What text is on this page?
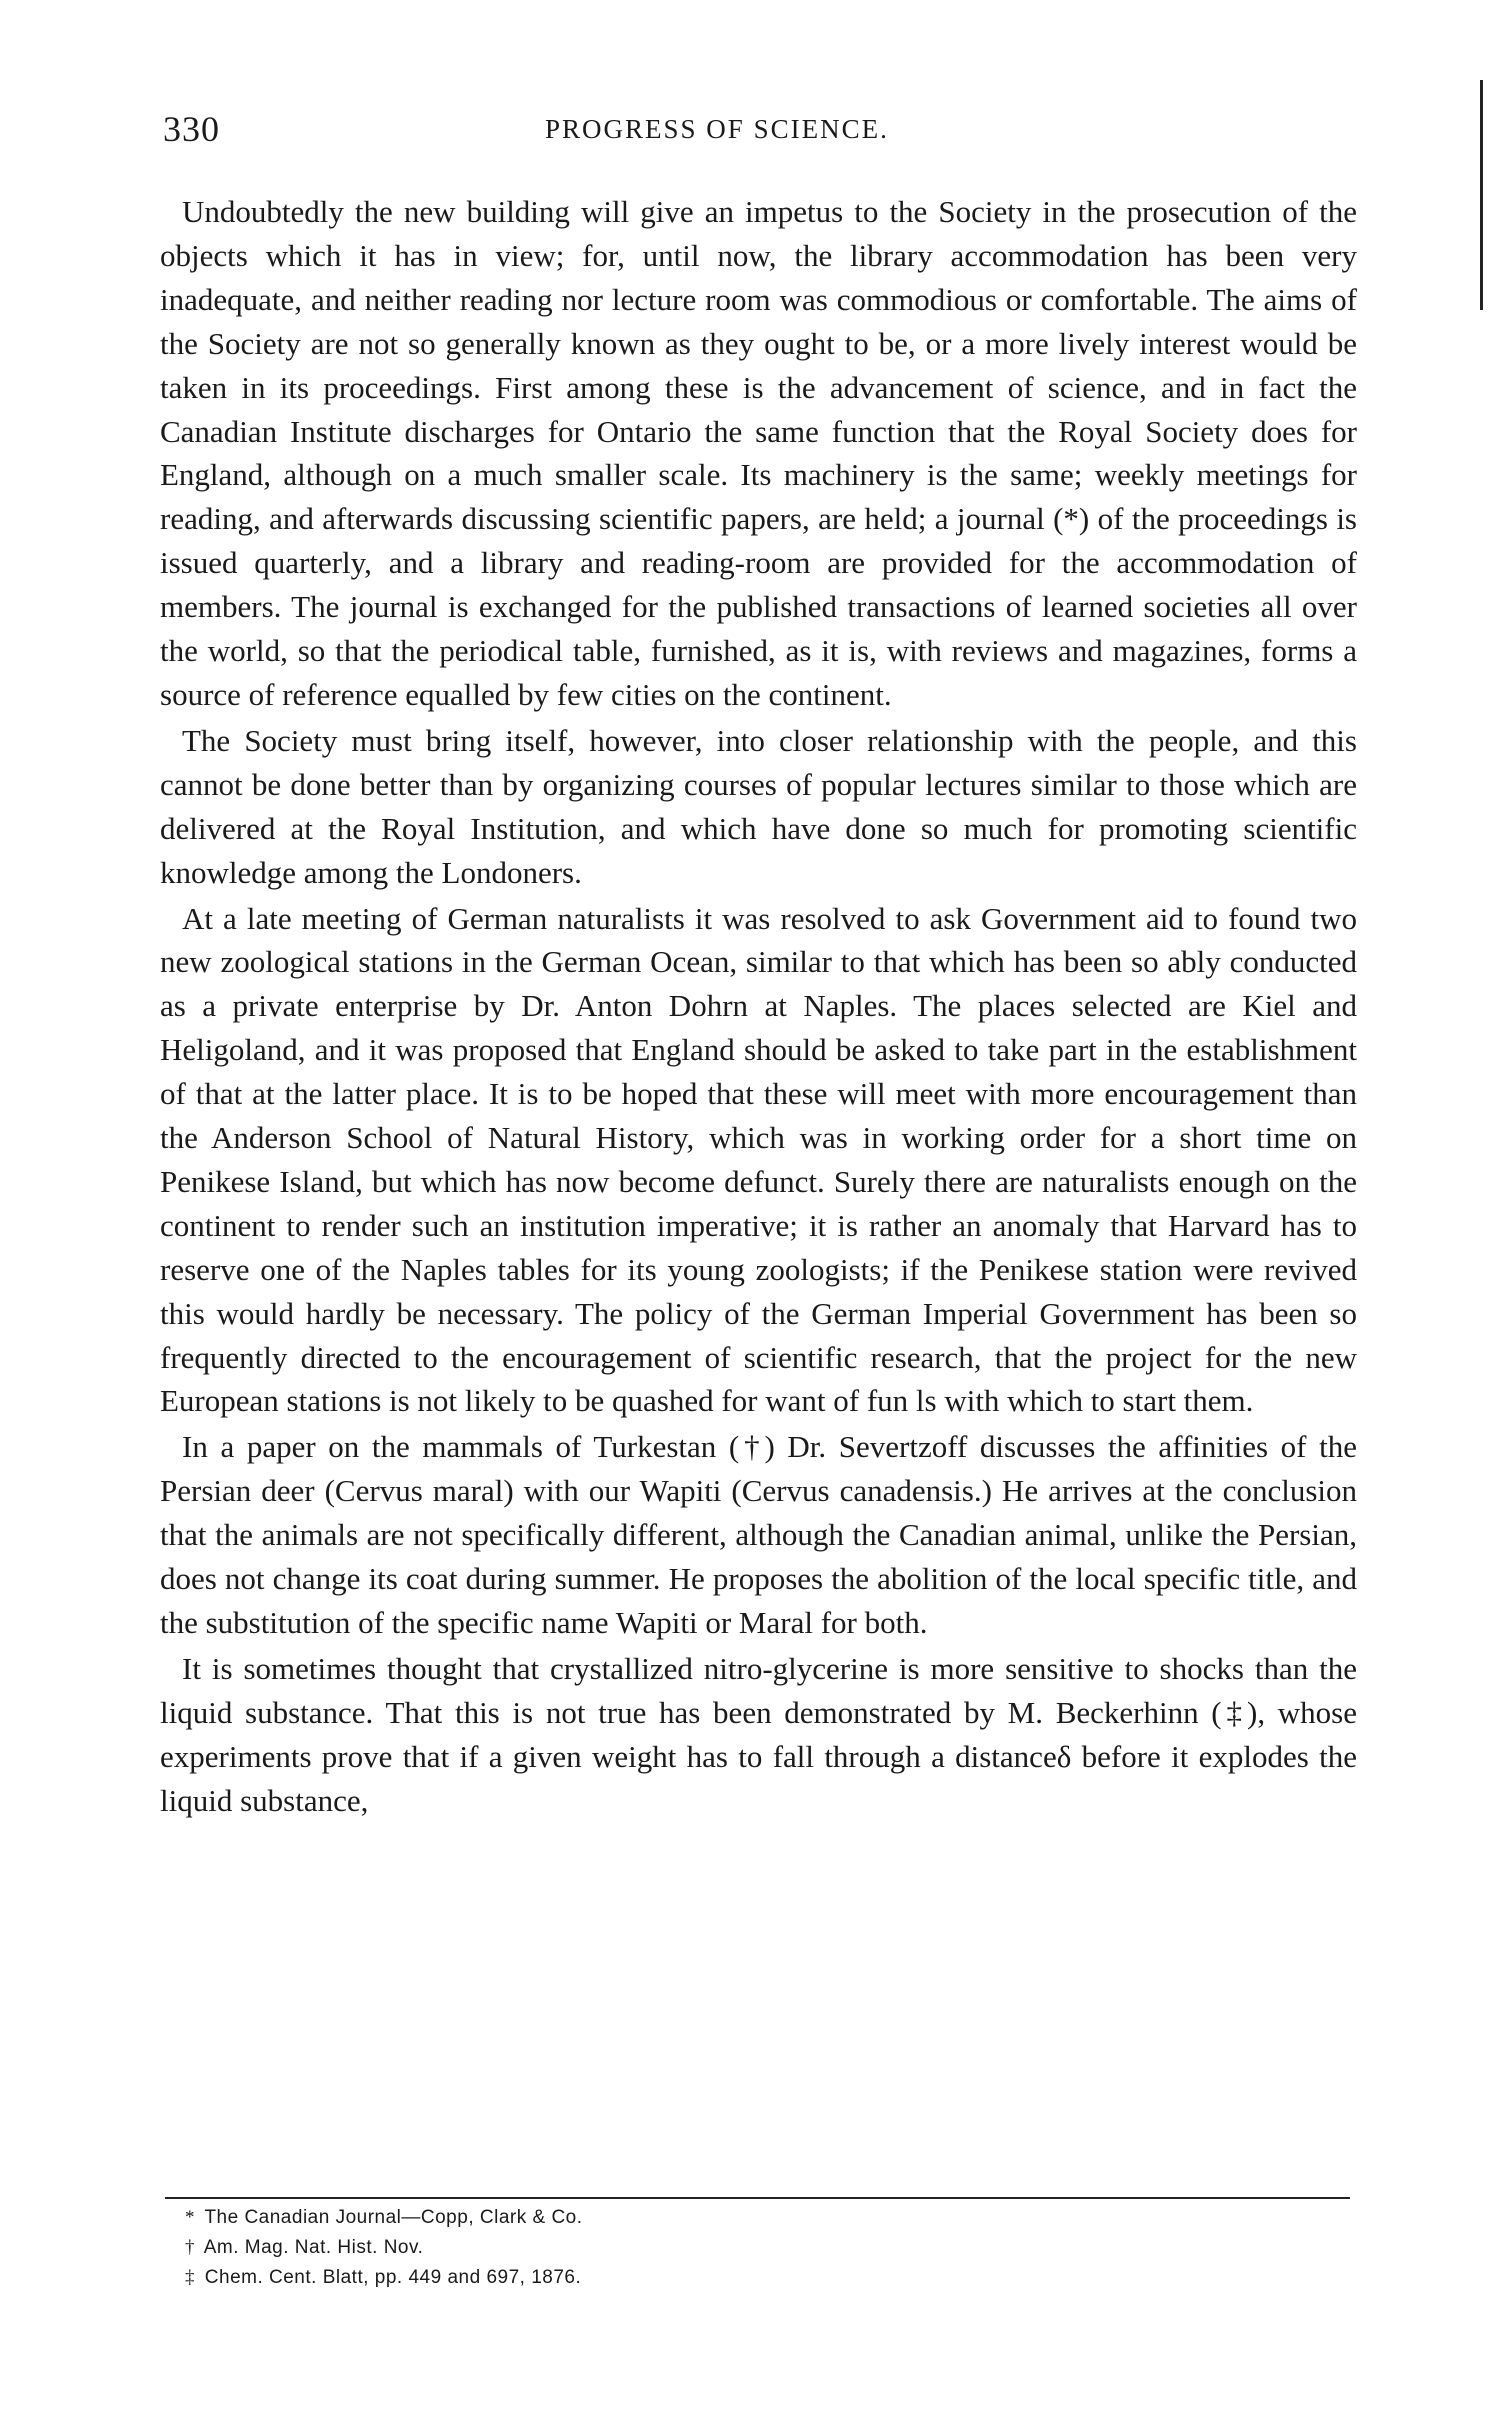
330	PROGRESS OF SCIENCE.

Undoubtedly the new building will give an impetus to the Society in the prosecution of the objects which it has in view; for, until now, the library accommodation has been very inadequate, and neither reading nor lecture room was commodious or comfortable. The aims of the Society are not so generally known as they ought to be, or a more lively interest would be taken in its proceedings. First among these is the advancement of science, and in fact the Canadian Institute discharges for Ontario the same function that the Royal Society does for England, although on a much smaller scale. Its machinery is the same; weekly meetings for reading, and afterwards discussing scientific papers, are held; a journal (*) of the proceedings is issued quarterly, and a library and reading-room are provided for the accommodation of members. The journal is exchanged for the published transactions of learned societies all over the world, so that the periodical table, furnished, as it is, with reviews and magazines, forms a source of reference equalled by few cities on the continent.

The Society must bring itself, however, into closer relationship with the people, and this cannot be done better than by organizing courses of popular lectures similar to those which are delivered at the Royal Institution, and which have done so much for promoting scientific knowledge among the Londoners.

At a late meeting of German naturalists it was resolved to ask Government aid to found two new zoological stations in the German Ocean, similar to that which has been so ably conducted as a private enterprise by Dr. Anton Dohrn at Naples. The places selected are Kiel and Heligoland, and it was proposed that England should be asked to take part in the establishment of that at the latter place. It is to be hoped that these will meet with more encouragement than the Anderson School of Natural History, which was in working order for a short time on Penikese Island, but which has now become defunct. Surely there are naturalists enough on the continent to render such an institution imperative; it is rather an anomaly that Harvard has to reserve one of the Naples tables for its young zoologists; if the Penikese station were revived this would hardly be necessary. The policy of the German Imperial Government has been so frequently directed to the encouragement of scientific research, that the project for the new European stations is not likely to be quashed for want of fun ls with which to start them.

In a paper on the mammals of Turkestan (†) Dr. Severtzoff discusses the affinities of the Persian deer (Cervus maral) with our Wapiti (Cervus canadensis.) He arrives at the conclusion that the animals are not specifically different, although the Canadian animal, unlike the Persian, does not change its coat during summer. He proposes the abolition of the local specific title, and the substitution of the specific name Wapiti or Maral for both.

It is sometimes thought that crystallized nitro-glycerine is more sensitive to shocks than the liquid substance. That this is not true has been demonstrated by M. Beckerhinn (‡), whose experiments prove that if a given weight has to fall through a distanceδ before it explodes the liquid substance,

* The Canadian Journal—Copp, Clark & Co.
† Am. Mag. Nat. Hist. Nov.
‡ Chem. Cent. Blatt, pp. 449 and 697, 1876.
